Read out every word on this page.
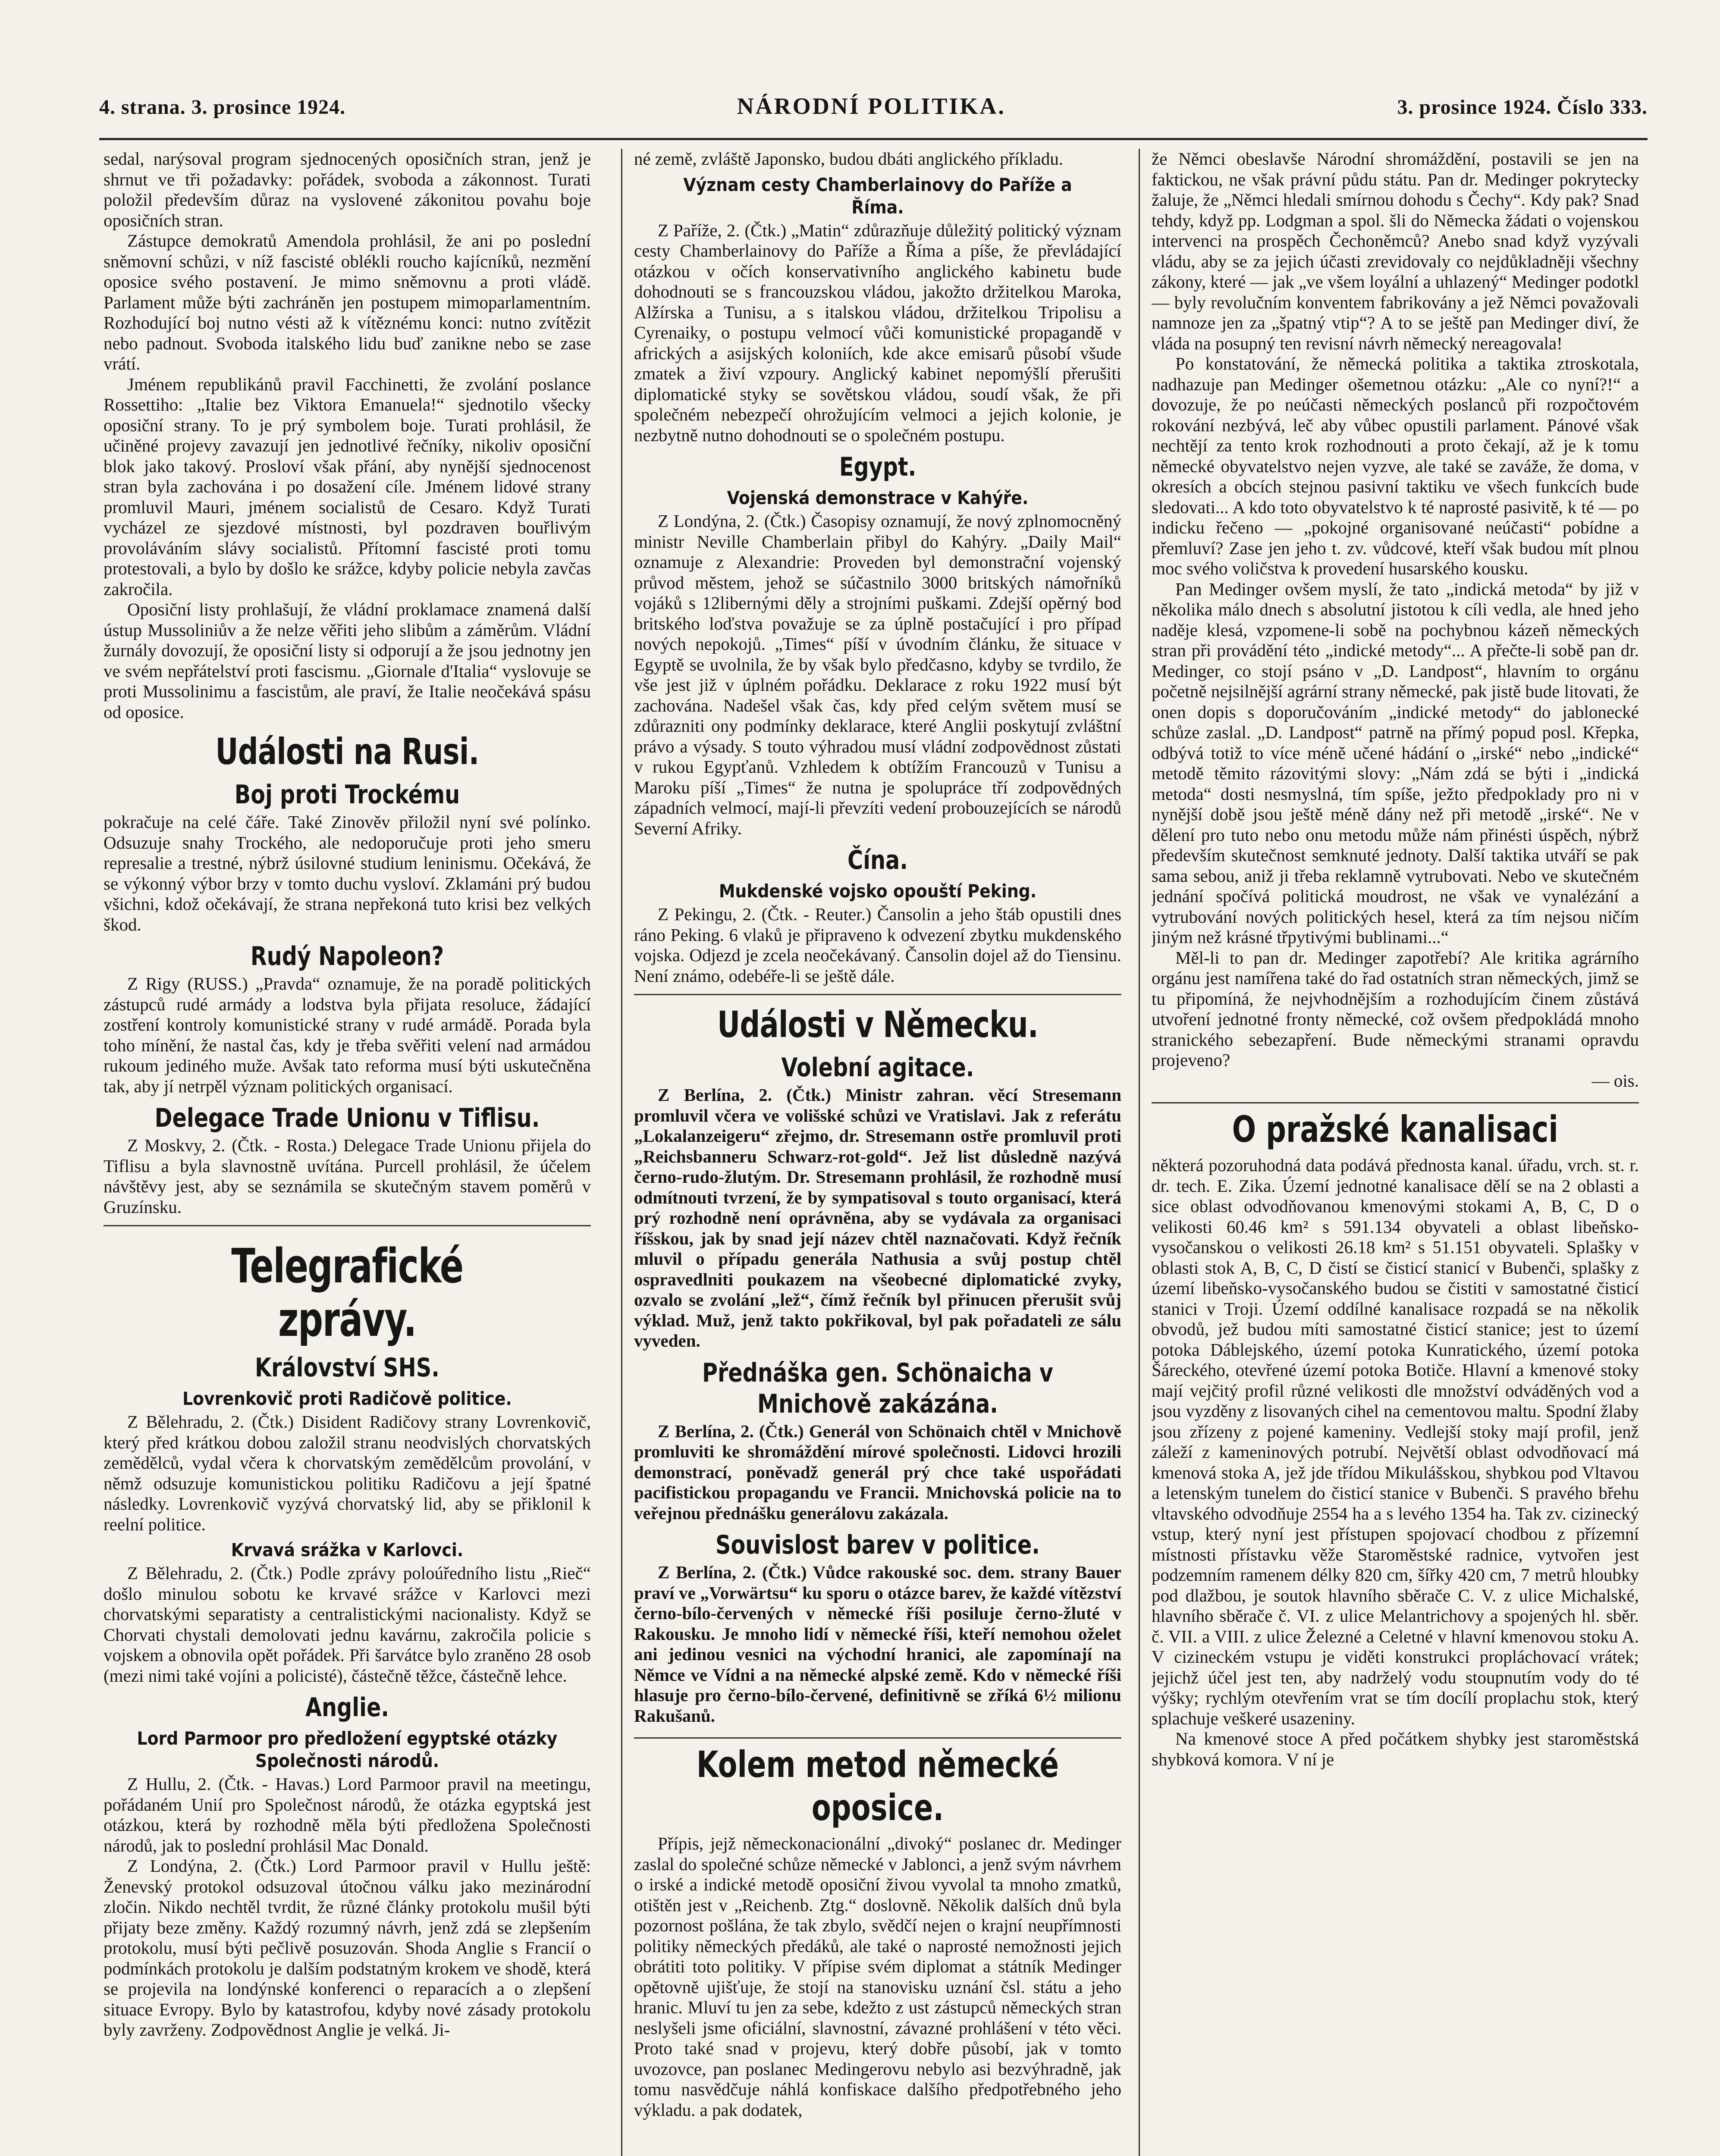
4. strana. 3. prosince 1924.	NÁRODNÍ POLITIKA.	3. prosince 1924. Číslo 333.

sedal, narýsoval program sjednocených oposičních stran, jenž je shrnut ve tři požadavky: pořádek, svoboda a zákonnost. Turati položil především důraz na vyslovené zákonitou povahu boje oposičních stran.

Zástupce demokratů Amendola prohlásil, že ani po poslední sněmovní schůzi, v níž fascisté oblékli roucho kajícníků, nezmění oposice svého postavení. Je mimo sněmovnu a proti vládě. Parlament může býti zachráněn jen postupem mimoparlamentním. Rozhodující boj nutno vésti až k vítěznému konci: nutno zvítězit nebo padnout. Svoboda italského lidu buď zanikne nebo se zase vrátí.

Jménem republikánů pravil Facchinetti, že zvolání poslance Rossettiho: „Italie bez Viktora Emanuela!“ sjednotilo všecky oposiční strany. To je prý symbolem boje. Turati prohlásil, že učiněné projevy zavazují jen jednotlivé řečníky, nikoliv oposiční blok jako takový. Prosloví však přání, aby nynější sjednocenost stran byla zachována i po dosažení cíle. Jménem lidové strany promluvil Mauri, jménem socialistů de Cesaro. Když Turati vycházel ze sjezdové místnosti, byl pozdraven bouřlivým provoláváním slávy socialistů. Přítomní fascisté proti tomu protestovali, a bylo by došlo ke srážce, kdyby policie nebyla zavčas zakročila.

Oposiční listy prohlašují, že vládní proklamace znamená další ústup Mussoliniův a že nelze věřiti jeho slibům a záměrům. Vládní žurnály dovozují, že oposiční listy si odporují a že jsou jednotny jen ve svém nepřátelství proti fascismu. „Giornale d'Italia“ vyslovuje se proti Mussolinimu a fascistům, ale praví, že Italie neočekává spásu od oposice.

Události na Rusi.
Boj proti Trockému

pokračuje na celé čáře. Také Zinověv přiložil nyní své polínko. Odsuzuje snahy Trockého, ale nedoporučuje proti jeho smeru represalie a trestné, nýbrž úsilovné studium leninismu. Očekává, že se výkonný výbor brzy v tomto duchu vysloví. Zklamáni prý budou všichni, kdož očekávají, že strana nepřekoná tuto krisi bez velkých škod.

Rudý Napoleon?

Z Rigy (RUSS.) „Pravda“ oznamuje, že na poradě politických zástupců rudé armády a lodstva byla přijata resoluce, žádající zostření kontroly komunistické strany v rudé armádě. Porada byla toho mínění, že nastal čas, kdy je třeba svěřiti velení nad armádou rukoum jediného muže. Avšak tato reforma musí býti uskutečněna tak, aby jí netrpěl význam politických organisací.

Delegace Trade Unionu v Tiflisu.

Z Moskvy, 2. (Čtk. - Rosta.) Delegace Trade Unionu přijela do Tiflisu a byla slavnostně uvítána. Purcell prohlásil, že účelem návštěvy jest, aby se seznámila se skutečným stavem poměrů v Gruzínsku.

Telegrafické zprávy.
Království SHS.
Lovrenkovič proti Radičově politice.

Z Bělehradu, 2. (Čtk.) Disident Radičovy strany Lovrenkovič, který před krátkou dobou založil stranu neodvislých chorvatských zemědělců, vydal včera k chorvatským zemědělcům provolání, v němž odsuzuje komunistickou politiku Radičovu a její špatné následky. Lovrenkovič vyzývá chorvatský lid, aby se přiklonil k reelní politice.

Krvavá srážka v Karlovci.

Z Bělehradu, 2. (Čtk.) Podle zprávy poloúředního listu „Rieč“ došlo minulou sobotu ke krvavé srážce v Karlovci mezi chorvatskými separatisty a centralistickými nacionalisty. Když se Chorvati chystali demolovati jednu kavárnu, zakročila policie s vojskem a obnovila opět pořádek. Při šarvátce bylo zraněno 28 osob (mezi nimi také vojíni a policisté), částečně těžce, částečně lehce.

Anglie.
Lord Parmoor pro předložení egyptské otázky Společnosti národů.

Z Hullu, 2. (Čtk. - Havas.) Lord Parmoor pravil na meetingu, pořádaném Unií pro Společnost národů, že otázka egyptská jest otázkou, která by rozhodně měla býti předložena Společnosti národů, jak to poslední prohlásil Mac Donald.

Z Londýna, 2. (Čtk.) Lord Parmoor pravil v Hullu ještě: Ženevský protokol odsuzoval útočnou válku jako mezinárodní zločin. Nikdo nechtěl tvrdit, že různé články protokolu mušil býti přijaty beze změny. Každý rozumný návrh, jenž zdá se zlepšením protokolu, musí býti pečlivě posuzován. Shoda Anglie s Francií o podmínkách protokolu je dalším podstatným krokem ve shodě, která se projevila na londýnské konferenci o reparacích a o zlepšení situace Evropy. Bylo by katastrofou, kdyby nové zásady protokolu byly zavrženy. Zodpovědnost Anglie je velká. Ji-

né země, zvláště Japonsko, budou dbáti anglického příkladu.

Význam cesty Chamberlainovy do Paříže a Říma.

Z Paříže, 2. (Čtk.) „Matin“ zdůrazňuje důležitý politický význam cesty Chamberlainovy do Paříže a Říma a píše, že převládající otázkou v očích konservativního anglického kabinetu bude dohodnouti se s francouzskou vládou, jakožto držitelkou Maroka, Alžírska a Tunisu, a s italskou vládou, držitelkou Tripolisu a Cyrenaiky, o postupu velmocí vůči komunistické propagandě v afrických a asijských koloniích, kde akce emisarů působí všude zmatek a živí vzpoury. Anglický kabinet nepomýšlí přerušiti diplomatické styky se sovětskou vládou, soudí však, že při společném nebezpečí ohrožujícím velmoci a jejich kolonie, je nezbytně nutno dohodnouti se o společném postupu.

Egypt.
Vojenská demonstrace v Kahýře.

Z Londýna, 2. (Čtk.) Časopisy oznamují, že nový zplnomocněný ministr Neville Chamberlain přibyl do Kahýry. „Daily Mail“ oznamuje z Alexandrie: Proveden byl demonstrační vojenský průvod městem, jehož se súčastnilo 3000 britských námořníků vojáků s 12libernými děly a strojními puškami. Zdejší opěrný bod britského loďstva považuje se za úplně postačující i pro případ nových nepokojů. „Times“ píší v úvodním článku, že situace v Egyptě se uvolnila, že by však bylo předčasno, kdyby se tvrdilo, že vše jest již v úplném pořádku. Deklarace z roku 1922 musí být zachována. Nadešel však čas, kdy před celým světem musí se zdůrazniti ony podmínky deklarace, které Anglii poskytují zvláštní právo a výsady. S touto výhradou musí vládní zodpovědnost zůstati v rukou Egypťanů. Vzhledem k obtížím Francouzů v Tunisu a Maroku píší „Times“ že nutna je spolupráce tří zodpovědných západních velmocí, mají-li převzíti vedení probouzejících se národů Severní Afriky.

Čína.
Mukdenské vojsko opouští Peking.

Z Pekingu, 2. (Čtk. - Reuter.) Čansolin a jeho štáb opustili dnes ráno Peking. 6 vlaků je připraveno k odvezení zbytku mukdenského vojska. Odjezd je zcela neočekávaný. Čansolin dojel až do Tiensinu. Není známo, odebéře-li se ještě dále.

Události v Německu.
Volební agitace.

Z Berlína, 2. (Čtk.) Ministr zahran. věcí Stresemann promluvil včera ve volišské schůzi ve Vratislavi. Jak z referátu „Lokalanzeigeru“ zřejmo, dr. Stresemann ostře promluvil proti „Reichsbanneru Schwarz-rot-gold“. Jež list důsledně nazývá černo-rudo-žlutým. Dr. Stresemann prohlásil, že rozhodně musí odmítnouti tvrzení, že by sympatisoval s touto organisací, která prý rozhodně není oprávněna, aby se vydávala za organisaci říšskou, jak by snad její název chtěl naznačovati. Když řečník mluvil o případu generála Nathusia a svůj postup chtěl ospravedlniti poukazem na všeobecné diplomatické zvyky, ozvalo se zvolání „lež“, čímž řečník byl přinucen přerušit svůj výklad. Muž, jenž takto pokřikoval, byl pak pořadateli ze sálu vyveden.

Přednáška gen. Schönaicha v Mnichově zakázána.

Z Berlína, 2. (Čtk.) Generál von Schönaich chtěl v Mnichově promluviti ke shromáždění mírové společnosti. Lidovci hrozili demonstrací, poněvadž generál prý chce také uspořádati pacifistickou propagandu ve Francii. Mnichovská policie na to veřejnou přednášku generálovu zakázala.

Souvislost barev v politice.

Z Berlína, 2. (Čtk.) Vůdce rakouské soc. dem. strany Bauer praví ve „Vorwärtsu“ ku sporu o otázce barev, že každé vítězství černo-bílo-červených v německé říši posiluje černo-žluté v Rakousku. Je mnoho lidí v německé říši, kteří nemohou oželet ani jedinou vesnici na východní hranici, ale zapomínají na Němce ve Vídni a na německé alpské země. Kdo v německé říši hlasuje pro černo-bílo-červené, definitivně se zříká 6½ milionu Rakušanů.

Kolem metod německé oposice.

Přípis, jejž německonacionální „divoký“ poslanec dr. Medinger zaslal do společné schůze německé v Jablonci, a jenž svým návrhem o irské a indické metodě oposiční živou vyvolal ta mnoho zmatků, otištěn jest v „Reichenb. Ztg.“ doslovně. Několik dalších dnů byla pozornost pošlána, že tak zbylo, svědčí nejen o krajní neupřímnosti politiky německých předáků, ale také o naprosté nemožnosti jejich obrátiti toto politiky. V přípise svém diplomat a státník Medinger opětovně ujišťuje, že stojí na stanovisku uznání čsl. státu a jeho hranic. Mluví tu jen za sebe, kdežto z ust zástupců německých stran neslyšeli jsme oficiální, slavnostní, závazné prohlášení v této věci. Proto také snad v projevu, který dobře působí, jak v tomto uvozovce, pan poslanec Medingerovu nebylo asi bezvýhradně, jak tomu nasvědčuje náhlá konfiskace dalšího předpotřebného jeho výkladu. a pak dodatek,

že Němci obeslavše Národní shromáždění, postavili se jen na faktickou, ne však právní půdu státu. Pan dr. Medinger pokrytecky žaluje, že „Němci hledali smírnou dohodu s Čechy“. Kdy pak? Snad tehdy, když pp. Lodgman a spol. šli do Německa žádati o vojenskou intervenci na prospěch Čechoněmců? Anebo snad když vyzývali vládu, aby se za jejich účasti zrevidovaly co nejdůkladněji všechny zákony, které — jak „ve všem loyální a uhlazený“ Medinger podotkl — byly revolučním konventem fabrikovány a jež Němci považovali namnoze jen za „špatný vtip“? A to se ještě pan Medinger diví, že vláda na posupný ten revisní návrh německý nereagovala!

Po konstatování, že německá politika a taktika ztroskotala, nadhazuje pan Medinger ošemetnou otázku: „Ale co nyní?!“ a dovozuje, že po neúčasti německých poslanců při rozpočtovém rokování nezbývá, leč aby vůbec opustili parlament. Pánové však nechtějí za tento krok rozhodnouti a proto čekají, až je k tomu německé obyvatelstvo nejen vyzve, ale také se zaváže, že doma, v okresích a obcích stejnou pasivní taktiku ve všech funkcích bude sledovati... A kdo toto obyvatelstvo k té naprosté pasivitě, k té — po indicku řečeno — „pokojné organisované neúčasti“ pobídne a přemluví? Zase jen jeho t. zv. vůdcové, kteří však budou mít plnou moc svého voličstva k provedení husarského kousku.

Pan Medinger ovšem myslí, že tato „indická metoda“ by již v několika málo dnech s absolutní jistotou k cíli vedla, ale hned jeho naděje klesá, vzpomene-li sobě na pochybnou kázeň německých stran při provádění této „indické metody“... A přečte-li sobě pan dr. Medinger, co stojí psáno v „D. Landpost“, hlavním to orgánu početně nejsilnější agrární strany německé, pak jistě bude litovati, že onen dopis s doporučováním „indické metody“ do jablonecké schůze zaslal. „D. Landpost“ patrně na přímý popud posl. Křepka, odbývá totiž to více méně učené hádání o „irské“ nebo „indické“ metodě těmito rázovitými slovy: „Nám zdá se býti i „indická metoda“ dosti nesmyslná, tím spíše, ježto předpoklady pro ni v nynější době jsou ještě méně dány než při metodě „irské“. Ne v dělení pro tuto nebo onu metodu může nám přinésti úspěch, nýbrž především skutečnost semknuté jednoty. Další taktika utváří se pak sama sebou, aniž ji třeba reklamně vytrubovati. Nebo ve skutečném jednání spočívá politická moudrost, ne však ve vynalézání a vytrubování nových politických hesel, která za tím nejsou ničím jiným než krásné třpytivými bublinami...“

Měl-li to pan dr. Medinger zapotřebí? Ale kritika agrárního orgánu jest namířena také do řad ostatních stran německých, jimž se tu připomíná, že nejvhodnějším a rozhodujícím činem zůstává utvoření jednotné fronty německé, což ovšem předpokládá mnoho stranického sebezapření. Bude německými stranami opravdu projeveno?

— ois.

O pražské kanalisaci

některá pozoruhodná data podává přednosta kanal. úřadu, vrch. st. r. dr. tech. E. Zika. Území jednotné kanalisace dělí se na 2 oblasti a sice oblast odvodňovanou kmenovými stokami A, B, C, D o velikosti 60.46 km² s 591.134 obyvateli a oblast libeňsko-vysočanskou o velikosti 26.18 km² s 51.151 obyvateli. Splašky v oblasti stok A, B, C, D čistí se čisticí stanicí v Bubenči, splašky z území libeňsko-vysočanského budou se čistiti v samostatné čisticí stanici v Troji. Území oddílné kanalisace rozpadá se na několik obvodů, jež budou míti samostatné čisticí stanice; jest to území potoka Dáblejského, území potoka Kunratického, území potoka Šáreckého, otevřené území potoka Botiče. Hlavní a kmenové stoky mají vejčitý profil různé velikosti dle množství odváděných vod a jsou vyzděny z lisovaných cihel na cementovou maltu. Spodní žlaby jsou zřízeny z pojené kameniny. Vedlejší stoky mají profil, jenž záleží z kameninových potrubí. Největší oblast odvodňovací má kmenová stoka A, jež jde třídou Mikulášskou, shybkou pod Vltavou a letenským tunelem do čisticí stanice v Bubenči. S pravého břehu vltavského odvodňuje 2554 ha a s levého 1354 ha. Tak zv. cizinecký vstup, který nyní jest přístupen spojovací chodbou z přízemní místnosti přístavku věže Staroměstské radnice, vytvořen jest podzemním ramenem délky 820 cm, šířky 420 cm, 7 metrů hloubky pod dlažbou, je soutok hlavního sběrače C. V. z ulice Michalské, hlavního sběrače č. VI. z ulice Melantrichovy a spojených hl. sběr. č. VII. a VIII. z ulice Železné a Celetné v hlavní kmenovou stoku A. V cizineckém vstupu je viděti konstrukci propláchovací vrátek; jejichž účel jest ten, aby nadrželý vodu stoupnutím vody do té výšky; rychlým otevřením vrat se tím docílí proplachu stok, který splachuje veškeré usazeniny.

Na kmenové stoce A před počátkem shybky jest staroměstská shybková komora. V ní je
